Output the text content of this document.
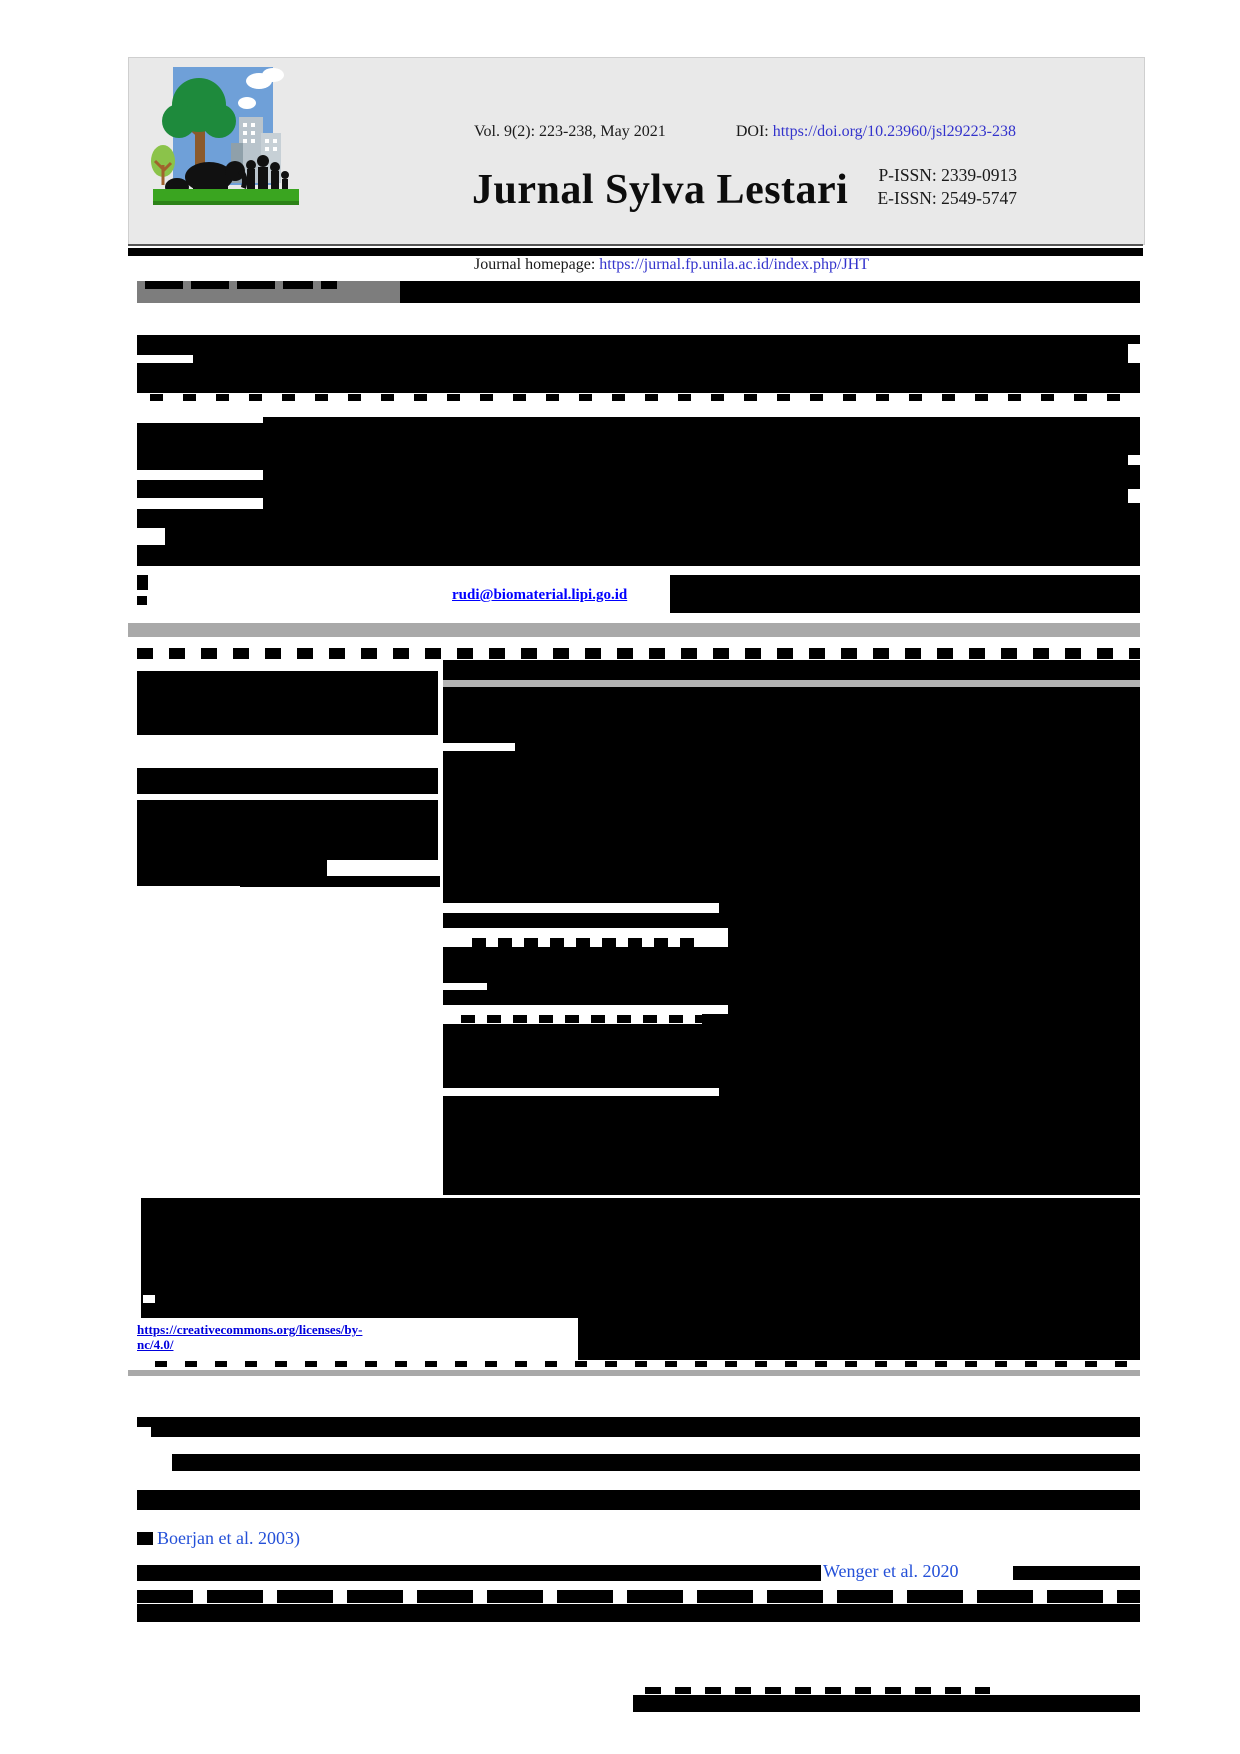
Vol. 9(2): 223-238, May 2021	DOI: https://doi.org/10.23960/jsl29223-238
Jurnal Sylva Lestari P-ISSN: 2339-0913
E-ISSN: 2549-5747
Journal homepage: https://jurnal.fp.unila.ac.id/index.php/JHT
rudi@biomaterial.lipi.go.id
https://creativecommons.org/licenses/by-
nc/4.0/
Boerjan et al. 2003)
Wenger et al. 2020
